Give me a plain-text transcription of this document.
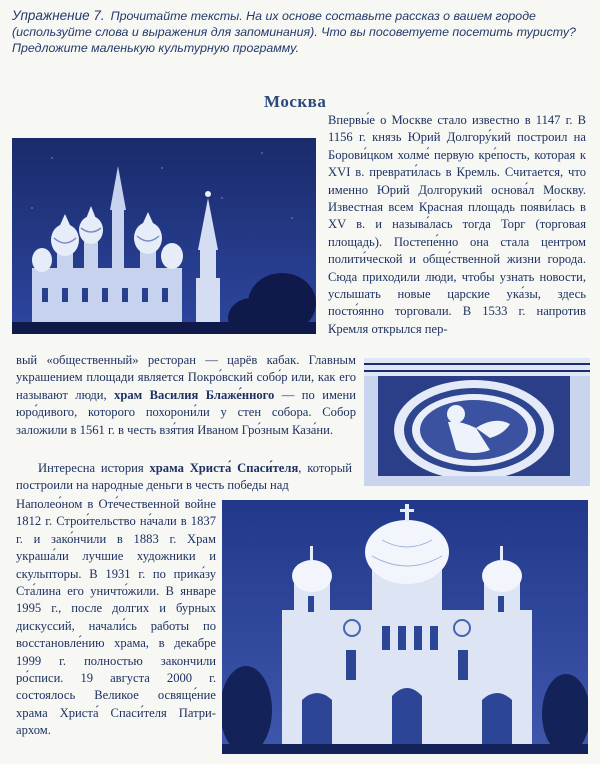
Упражнение 7. Прочитайте тексты. На их основе составьте рассказ о вашем городе (используйте слова и выражения для запоминания). Что вы посоветуете посетить туристу? Предложите маленькую культурную программу.
Москва

Впервы́е о Москве стало известно в 1147 г. В 1156 г. князь Юрий Долгору́кий построил на Борови́цком холме́ первую кре́пость, которая к XVI в. преврати́лась в Кремль. Считается, что именно Юрий Долгорукий основа́л Москву. Известная всем Красная площадь появи́лась в XV в. и называ́лась тогда Торг (торговая площадь). Постепе́нно она стала центром полити́ческой и обще́ственной жизни города. Сюда приходили люди, чтобы узнать новости, услышать новые царские ука́зы, здесь посто́янно торговали. В 1533 г. напротив Кремля открылся пер-

вый «общественный» ресторан — царёв кабак. Главным украшением площади является Покро́вский собо́р или, как его называют люди, храм Василия Блаже́нного — по имени юро́дивого, которого похорони́ли у стен собора. Собор заложили в 1561 г. в честь взя́тия Иваном Гро́зным Каза́ни.

Интересна история храма Христа́ Спаси́теля, который построили на народные деньги в честь победы над

Наполео́ном в Оте́чественной войне 1812 г. Строи́тельство на́чали в 1837 г. и зако́нчили в 1883 г. Храм украша́ли лучшие художники и скульпторы. В 1931 г. по прика́зу Ста́лина его уничто́жили. В январе 1995 г., после долгих и бурных дискуссий, начали́сь работы по восстановле́нию храма, в декабре 1999 г. полностью закончили ро́спиcи. 19 августа 2000 г. состоялось Великое освяще́ние храма Христа́ Спаси́теля Патриархом.
